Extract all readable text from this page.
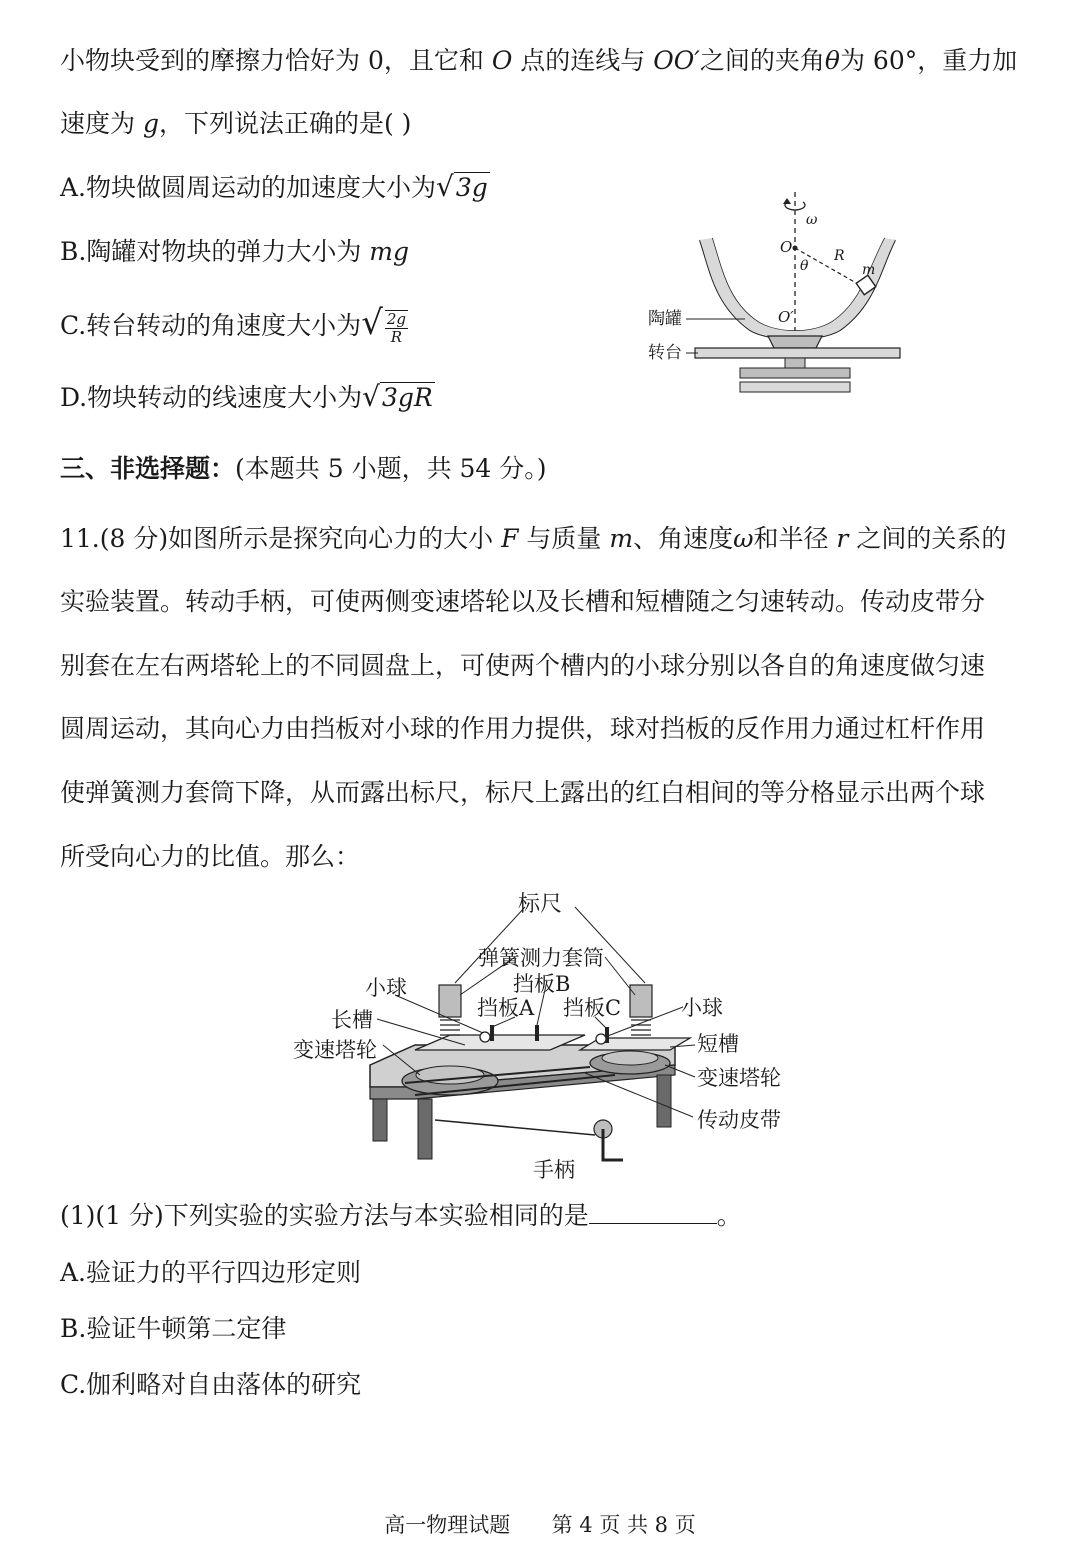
小物块受到的摩擦力恰好为 0，且它和 O 点的连线与 OO′之间的夹角θ为 60°，重力加
速度为 g，下列说法正确的是( )
A.物块做圆周运动的加速度大小为√3g
B.陶罐对物块的弹力大小为 mg
C.转台转动的角速度大小为√ $\frac{2g}{R}$
D.物块转动的线速度大小为√3gR
ω
O
θ
R
m
O′
陶罐
转台
三、非选择题：(本题共 5 小题，共 54 分。)
11.(8 分)如图所示是探究向心力的大小 F 与质量 m、角速度ω和半径 r 之间的关系的
实验装置。转动手柄，可使两侧变速塔轮以及长槽和短槽随之匀速转动。传动皮带分
别套在左右两塔轮上的不同圆盘上，可使两个槽内的小球分别以各自的角速度做匀速
圆周运动，其向心力由挡板对小球的作用力提供，球对挡板的反作用力通过杠杆作用
使弹簧测力套筒下降，从而露出标尺，标尺上露出的红白相间的等分格显示出两个球
所受向心力的比值。那么：
标尺
弹簧测力套筒
挡板B
小球
挡板A 挡板C	小球
长槽
短槽
变速塔轮
变速塔轮
传动皮带
手柄
(1)(1 分)下列实验的实验方法与本实验相同的是	。
A.验证力的平行四边形定则
B.验证牛顿第二定律
C.伽利略对自由落体的研究
高一物理试题 第 4 页 共 8 页
